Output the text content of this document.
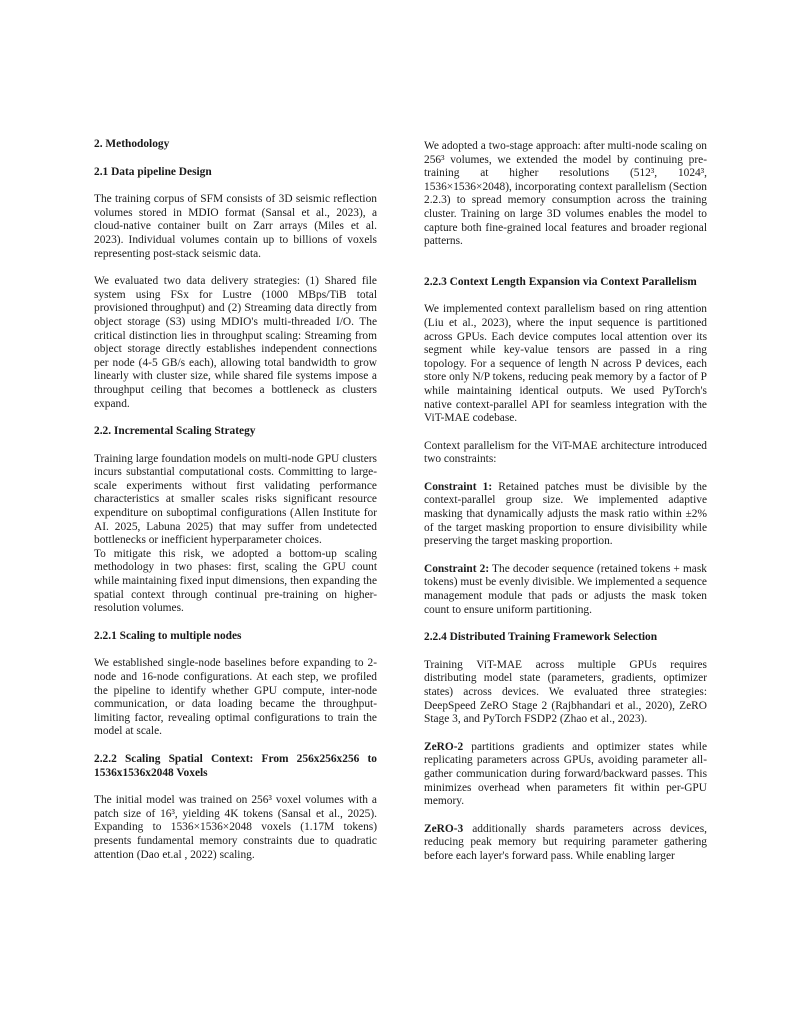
2. Methodology
2.1 Data pipeline Design

The training corpus of SFM consists of 3D seismic reflection volumes stored in MDIO format (Sansal et al., 2023), a cloud-native container built on Zarr arrays (Miles et al. 2023). Individual volumes contain up to billions of voxels representing post-stack seismic data.

We evaluated two data delivery strategies: (1) Shared file system using FSx for Lustre (1000 MBps/TiB total provisioned throughput) and (2) Streaming data directly from object storage (S3) using MDIO's multi-threaded I/O. The critical distinction lies in throughput scaling: Streaming from object storage directly establishes independent connections per node (4-5 GB/s each), allowing total bandwidth to grow linearly with cluster size, while shared file systems impose a throughput ceiling that becomes a bottleneck as clusters expand.

2.2. Incremental Scaling Strategy

Training large foundation models on multi-node GPU clusters incurs substantial computational costs. Committing to large-scale experiments without first validating performance characteristics at smaller scales risks significant resource expenditure on suboptimal configurations (Allen Institute for AI. 2025, Labuna 2025) that may suffer from undetected bottlenecks or inefficient hyperparameter choices.

To mitigate this risk, we adopted a bottom-up scaling methodology in two phases: first, scaling the GPU count while maintaining fixed input dimensions, then expanding the spatial context through continual pre-training on higher-resolution volumes.

2.2.1 Scaling to multiple nodes

We established single-node baselines before expanding to 2-node and 16-node configurations. At each step, we profiled the pipeline to identify whether GPU compute, inter-node communication, or data loading became the throughput-limiting factor, revealing optimal configurations to train the model at scale.

2.2.2 Scaling Spatial Context: From 256x256x256 to 1536x1536x2048 Voxels

The initial model was trained on 256³ voxel volumes with a patch size of 16³, yielding 4K tokens (Sansal et al., 2025). Expanding to 1536×1536×2048 voxels (1.17M tokens) presents fundamental memory constraints due to quadratic attention (Dao et.al , 2022) scaling.

We adopted a two-stage approach: after multi-node scaling on 256³ volumes, we extended the model by continuing pre-training at higher resolutions (512³, 1024³, 1536×1536×2048), incorporating context parallelism (Section 2.2.3) to spread memory consumption across the training cluster. Training on large 3D volumes enables the model to capture both fine-grained local features and broader regional patterns.

2.2.3 Context Length Expansion via Context Parallelism

We implemented context parallelism based on ring attention (Liu et al., 2023), where the input sequence is partitioned across GPUs. Each device computes local attention over its segment while key-value tensors are passed in a ring topology. For a sequence of length N across P devices, each store only N/P tokens, reducing peak memory by a factor of P while maintaining identical outputs. We used PyTorch's native context-parallel API for seamless integration with the ViT-MAE codebase.

Context parallelism for the ViT-MAE architecture introduced two constraints:

Constraint 1: Retained patches must be divisible by the context-parallel group size. We implemented adaptive masking that dynamically adjusts the mask ratio within ±2% of the target masking proportion to ensure divisibility while preserving the target masking proportion.

Constraint 2: The decoder sequence (retained tokens + mask tokens) must be evenly divisible. We implemented a sequence management module that pads or adjusts the mask token count to ensure uniform partitioning.

2.2.4 Distributed Training Framework Selection

Training ViT-MAE across multiple GPUs requires distributing model state (parameters, gradients, optimizer states) across devices. We evaluated three strategies: DeepSpeed ZeRO Stage 2 (Rajbhandari et al., 2020), ZeRO Stage 3, and PyTorch FSDP2 (Zhao et al., 2023).

ZeRO-2 partitions gradients and optimizer states while replicating parameters across GPUs, avoiding parameter all-gather communication during forward/backward passes. This minimizes overhead when parameters fit within per-GPU memory.

ZeRO-3 additionally shards parameters across devices, reducing peak memory but requiring parameter gathering before each layer's forward pass. While enabling larger
